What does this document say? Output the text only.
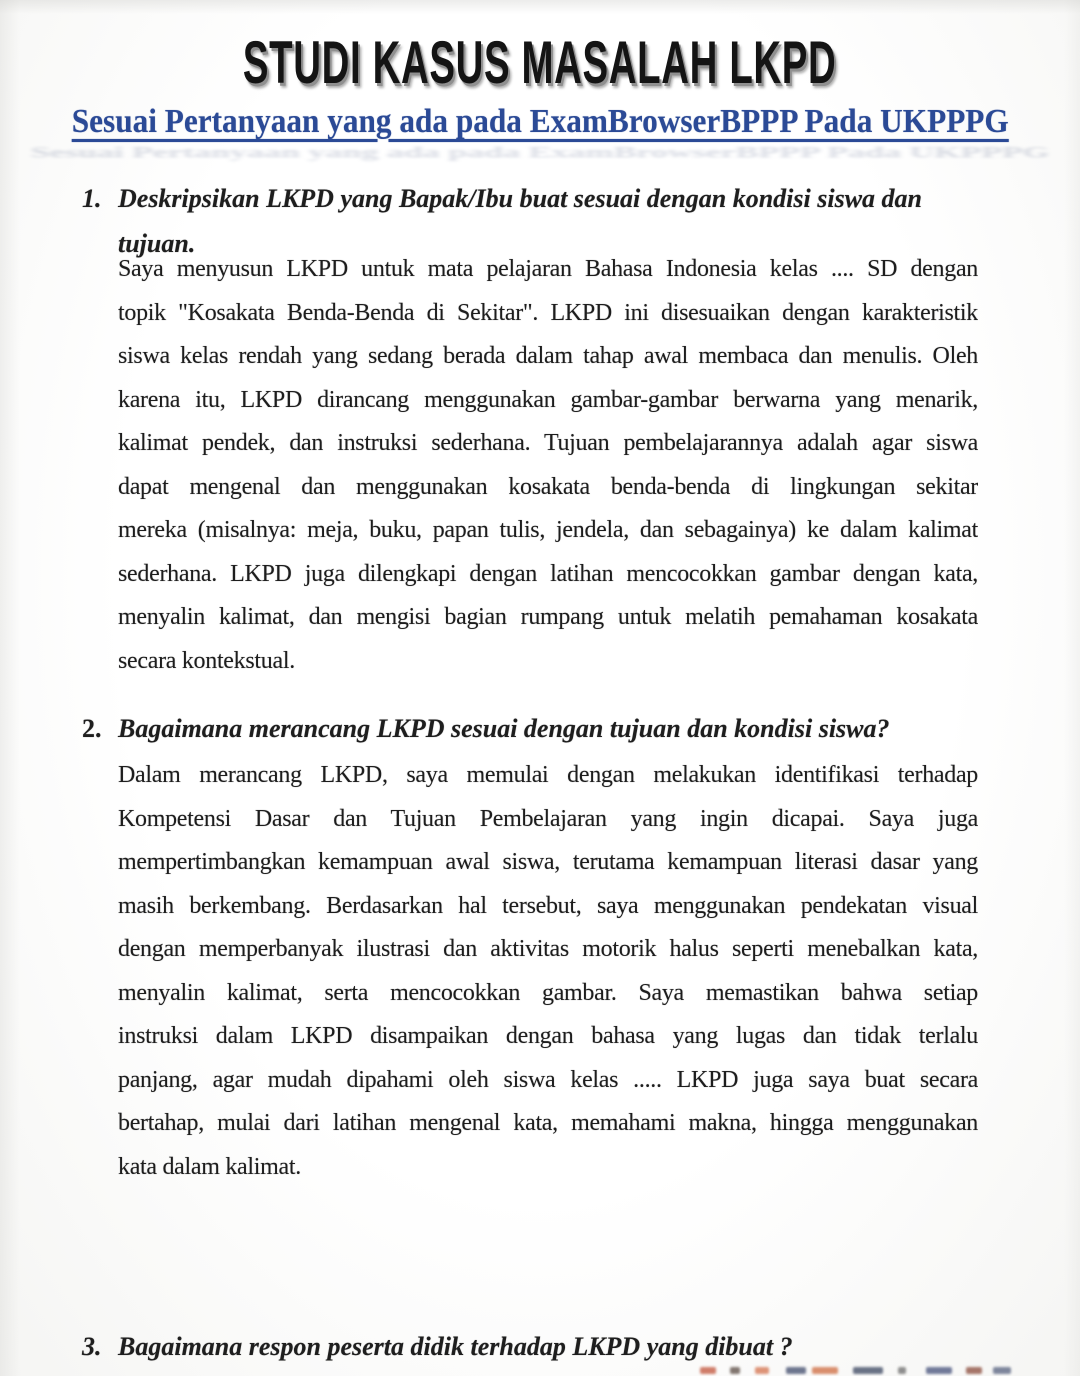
STUDI KASUS MASALAH LKPD
Sesuai Pertanyaan yang ada pada ExamBrowserBPPP Pada UKPPPG
Sesuai Pertanyaan yang ada pada ExamBrowserBPPP Pada UKPPPG
1. Deskripsikan LKPD yang Bapak/Ibu buat sesuai dengan kondisi siswa dan
tujuan.
Saya menyusun LKPD untuk mata pelajaran Bahasa Indonesia kelas .... SD dengan
topik "Kosakata Benda-Benda di Sekitar". LKPD ini disesuaikan dengan karakteristik
siswa kelas rendah yang sedang berada dalam tahap awal membaca dan menulis. Oleh
karena itu, LKPD dirancang menggunakan gambar-gambar berwarna yang menarik,
kalimat pendek, dan instruksi sederhana. Tujuan pembelajarannya adalah agar siswa
dapat mengenal dan menggunakan kosakata benda-benda di lingkungan sekitar
mereka (misalnya: meja, buku, papan tulis, jendela, dan sebagainya) ke dalam kalimat
sederhana. LKPD juga dilengkapi dengan latihan mencocokkan gambar dengan kata,
menyalin kalimat, dan mengisi bagian rumpang untuk melatih pemahaman kosakata
secara kontekstual.
2. Bagaimana merancang LKPD sesuai dengan tujuan dan kondisi siswa?
Dalam merancang LKPD, saya memulai dengan melakukan identifikasi terhadap
Kompetensi Dasar dan Tujuan Pembelajaran yang ingin dicapai. Saya juga
mempertimbangkan kemampuan awal siswa, terutama kemampuan literasi dasar yang
masih berkembang. Berdasarkan hal tersebut, saya menggunakan pendekatan visual
dengan memperbanyak ilustrasi dan aktivitas motorik halus seperti menebalkan kata,
menyalin kalimat, serta mencocokkan gambar. Saya memastikan bahwa setiap
instruksi dalam LKPD disampaikan dengan bahasa yang lugas dan tidak terlalu
panjang, agar mudah dipahami oleh siswa kelas ..... LKPD juga saya buat secara
bertahap, mulai dari latihan mengenal kata, memahami makna, hingga menggunakan
kata dalam kalimat.
3. Bagaimana respon peserta didik terhadap LKPD yang dibuat ?
